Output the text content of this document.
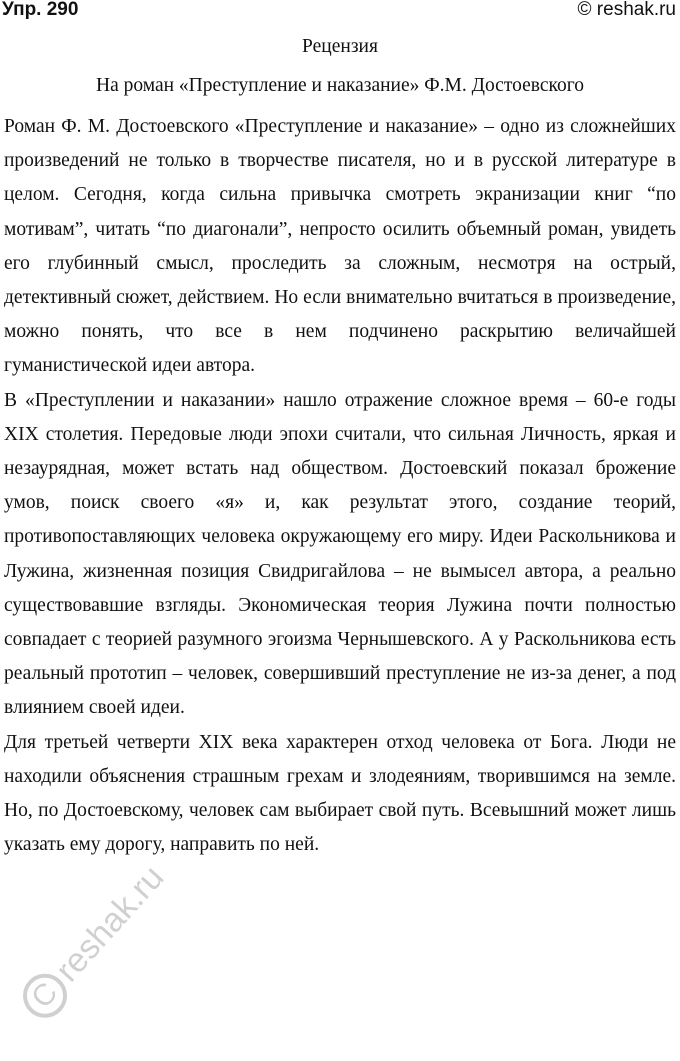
Упр. 290	© reshak.ru
Рецензия
На роман «Преступление и наказание» Ф.М. Достоевского

Роман Ф. М. Достоевского «Преступление и наказание» – одно из сложнейших произведений не только в творчестве писателя, но и в русской литературе в целом. Сегодня, когда сильна привычка смотреть экранизации книг “по мотивам”, читать “по диагонали”, непросто осилить объемный роман, увидеть его глубинный смысл, проследить за сложным, несмотря на острый, детективный сюжет, действием. Но если внимательно вчитаться в произведение, можно понять, что все в нем подчинено раскрытию величайшей гуманистической идеи автора.

В «Преступлении и наказании» нашло отражение сложное время – 60-е годы XIX столетия. Передовые люди эпохи считали, что сильная Личность, яркая и незаурядная, может встать над обществом. Достоевский показал брожение умов, поиск своего «я» и, как результат этого, создание теорий, противопоставляющих человека окружающему его миру. Идеи Раскольникова и Лужина, жизненная позиция Свидригайлова – не вымысел автора, а реально существовавшие взгляды. Экономическая теория Лужина почти полностью совпадает с теорией разумного эгоизма Чернышевского. А у Раскольникова есть реальный прототип – человек, совершивший преступление не из-за денег, а под влиянием своей идеи.

Для третьей четверти XIX века характерен отход человека от Бога. Люди не находили объяснения страшным грехам и злодеяниям, творившимся на земле. Но, по Достоевскому, человек сам выбирает свой путь. Всевышний может лишь указать ему дорогу, направить по ней.

C
reshak.ru
